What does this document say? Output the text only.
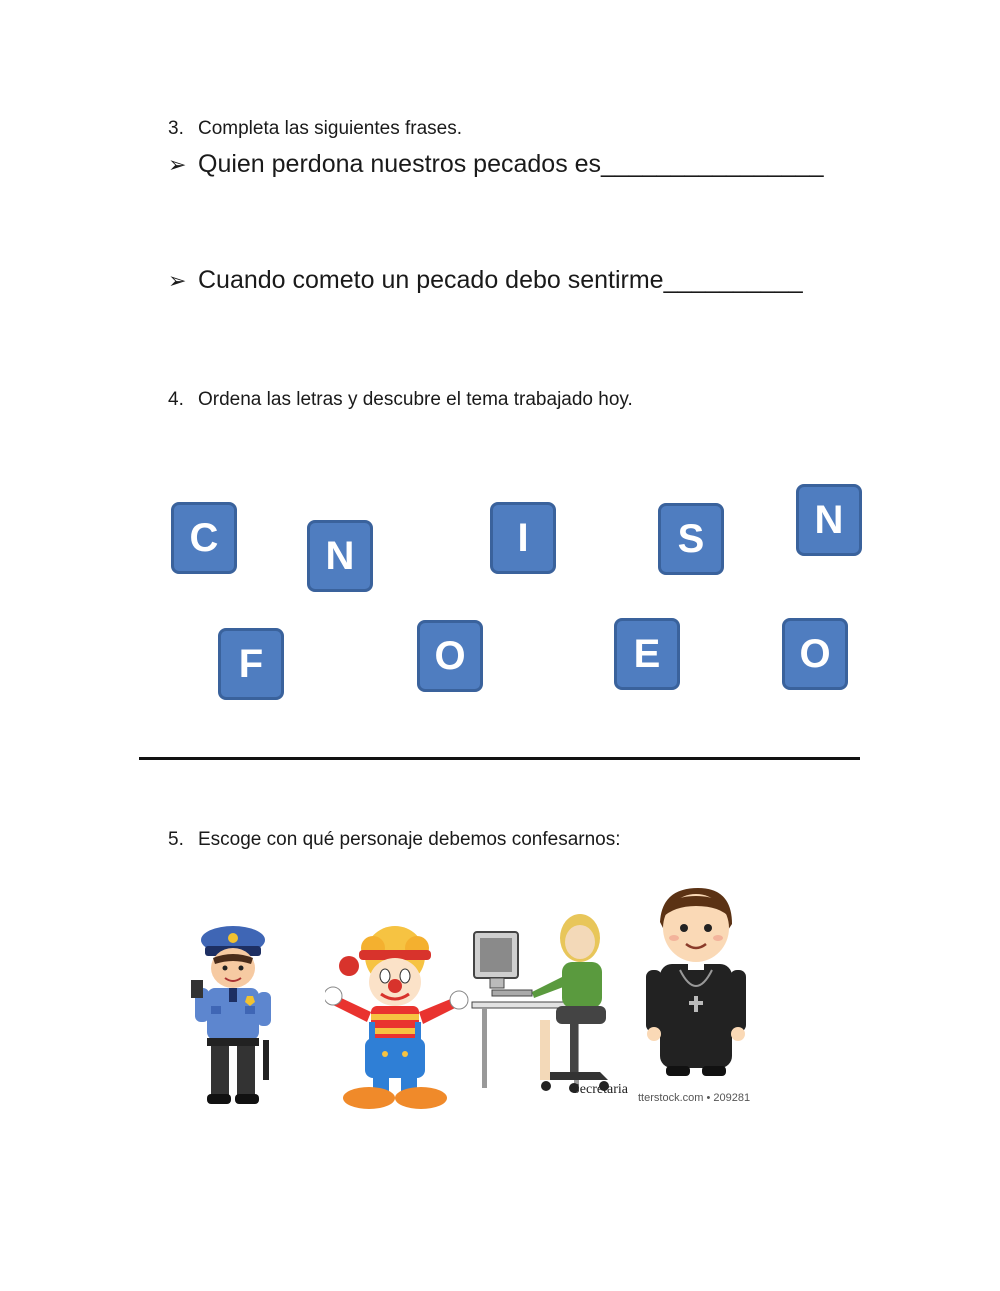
3. Completa las siguientes frases.
➢ Quien perdona nuestros pecados es________________
➢ Cuando cometo un pecado debo sentirme__________
4. Ordena las letras y descubre el tema trabajado hoy.
C	N	I	S	N
F	O	E	O
5. Escoge con qué personaje debemos confesarnos:
Secretaria
tterstock.com • 209281
